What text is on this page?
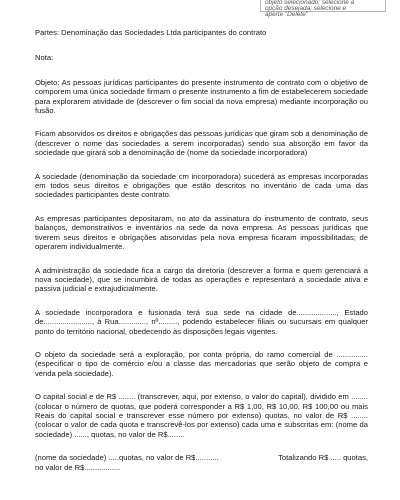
objeto selecionado; selecione a
opção desejada; selecione e
aperte "Delete"
Partes: Denominação das Sociedades Ltda participantes do contrato
Nota:

Objeto: As pessoas jurídicas participantes do presente instrumento de contrato com o objetivo de comporem uma única sociedade firmam o presente instrumento a fim de estabelecerem sociedade para explorarem atividade de (descrever o fim social da nova empresa) mediante incorporação ou fusão.

Ficam absorvidos os direitos e obrigações das pessoas jurídicas que giram sob a denominação de (descrever o nome das sociedades a serem incorporadas) sendo sua absorção em favor da sociedade que girará sob a denominação de (nome da sociedade incorporadora)

A sociedade (denominação da sociedade cm incorporadora) sucederá as empresas incorporadas em todos seus direitos e obrigações que estão descritos no inventário de cada uma das sociedades participantes deste contrato.

As empresas participantes depositaram, no ato da assinatura do instrumento de contrato, seus balanços, demonstrativos e inventários na sede da nova empresa. As pessoas jurídicas que tiverem seus direitos e obrigações absorvidas pela nova empresa ficaram impossibilitadas; de operarem individualmente.

A administração da sociedade fica a cargo da diretoria (descrever a forma e quem gerenciará a nova sociedade), que se incumbirá de todas as operações e representará a sociedade ativa e passiva judicial e extrajudicialmente.

A sociedade incorporadora e fusionada terá sua sede na cidade de..................., Estado de......................., à Rua............., nº........., podendo estabelecer filiais ou sucursais em qualquer ponto do território nacional, obedecendo às disposições legais vigentes.

O objeto da sociedade será a exploração, por conta própria, do ramo comercial de ...............(especificar o tipo de comércio e/ou a classe das mercadorias que serão objeto de compra e venda pela sociedade).

O capital social e de R$ ........ (transcrever, aqui, por extenso, o valor do capital), dividido em ........ (colocar o número de quotas, que poderá corresponder a R$ 1,00, R$ 10,00, R$ 100,00 ou mais Reais do capital social e transcrever esse número por extenso) quotas, no valor de R$ ........ (colocar o valor de cada quota e transcrevê-los por extenso) cada uma e subscritas em: (nome da sociedade) ......, quotas, no valor de R$........

(nome da sociedade) .....quotas, no valor de R$...........	Totalizando R$ ..... quotas,
no valor de R$.................
